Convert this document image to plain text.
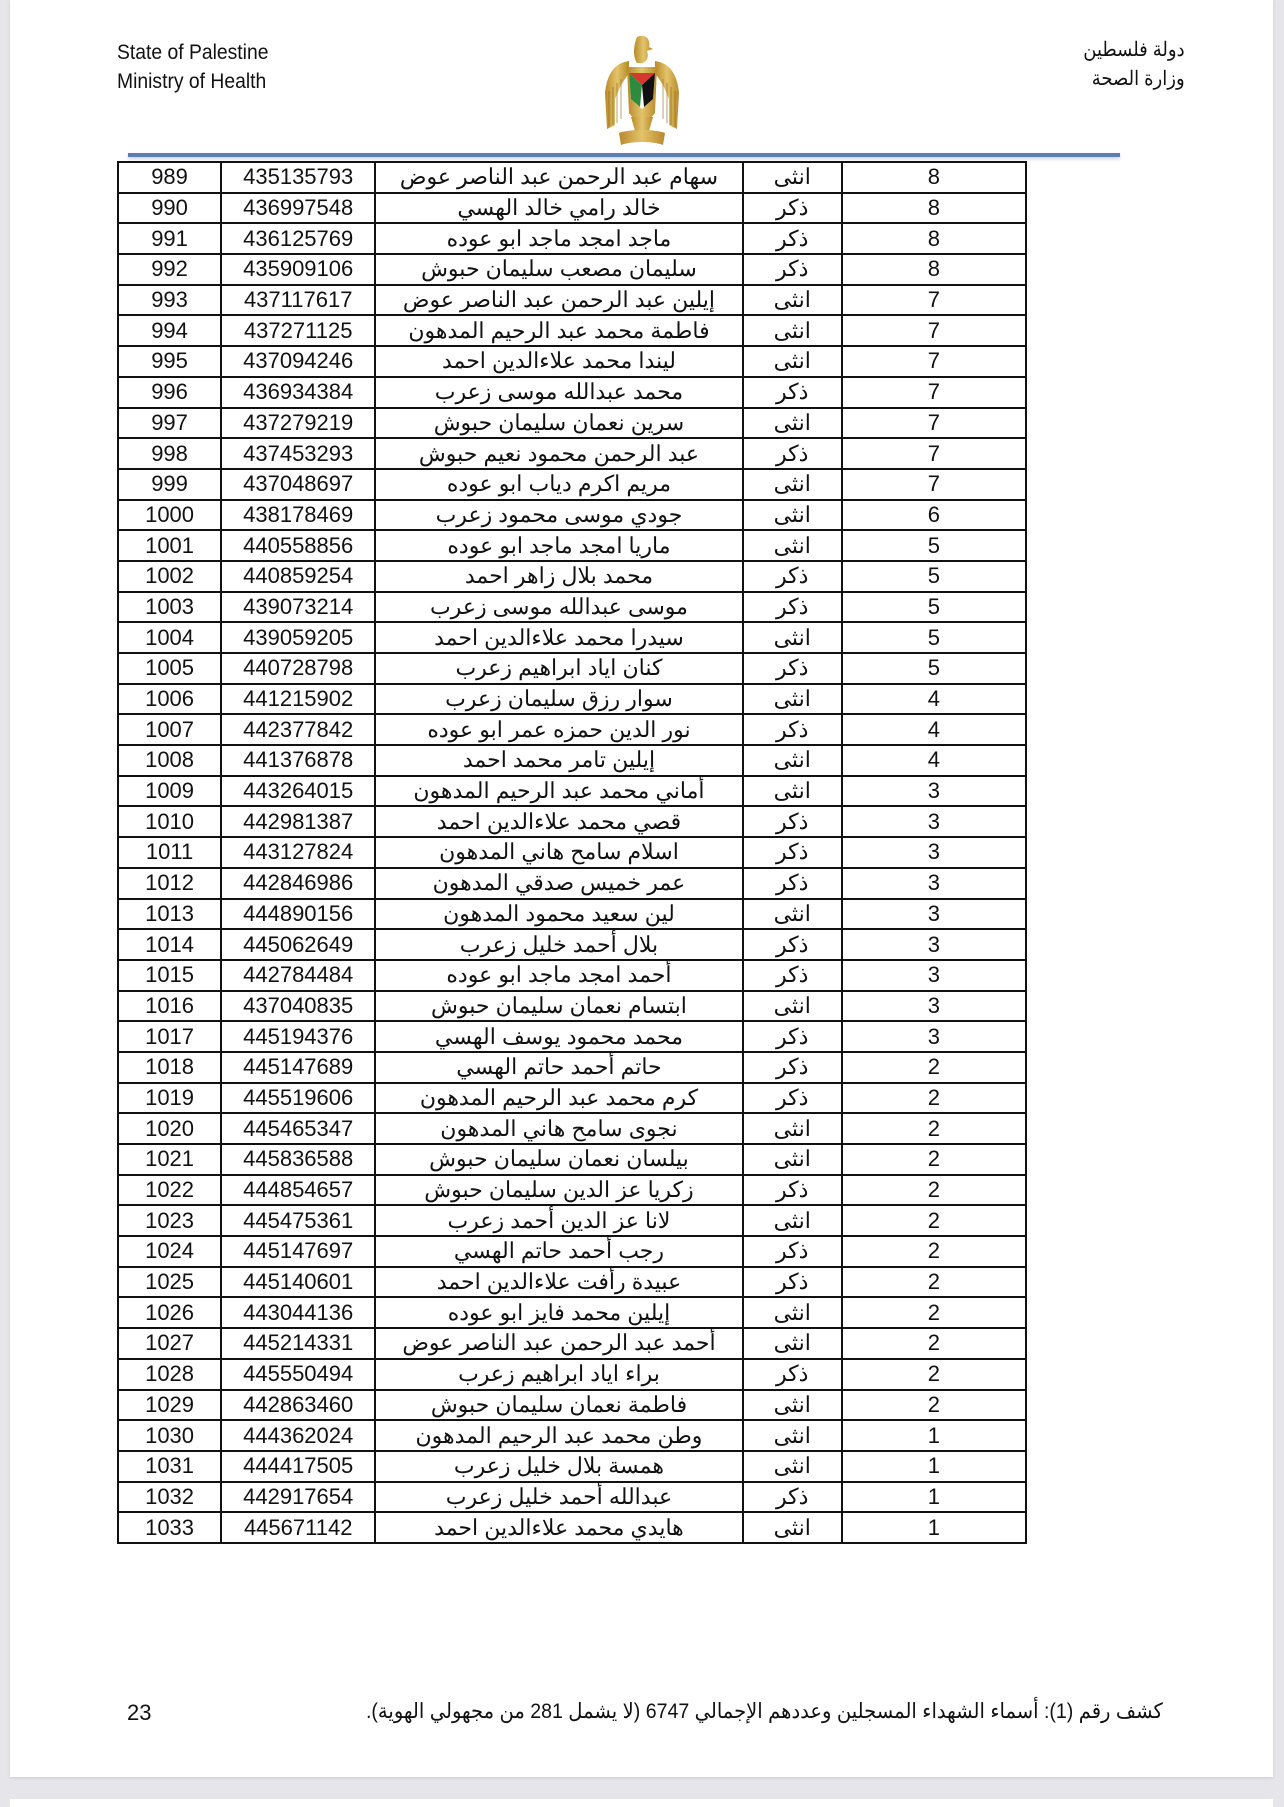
State of Palestine
Ministry of Health
دولة فلسطين
وزارة الصحة
989	435135793	سهام عبد الرحمن عبد الناصر عوض	انثى	8
990	436997548	خالد رامي خالد الهسي	ذكر	8
991	436125769	ماجد امجد ماجد ابو عوده	ذكر	8
992	435909106	سليمان مصعب سليمان حبوش	ذكر	8
993	437117617	إيلين عبد الرحمن عبد الناصر عوض	انثى	7
994	437271125	فاطمة محمد عبد الرحيم المدهون	انثى	7
995	437094246	ليندا محمد علاءالدين احمد	انثى	7
996	436934384	محمد عبدالله موسى زعرب	ذكر	7
997	437279219	سرين نعمان سليمان حبوش	انثى	7
998	437453293	عبد الرحمن محمود نعيم حبوش	ذكر	7
999	437048697	مريم اكرم دياب ابو عوده	انثى	7
1000	438178469	جودي موسى محمود زعرب	انثى	6
1001	440558856	ماريا امجد ماجد ابو عوده	انثى	5
1002	440859254	محمد بلال زاهر احمد	ذكر	5
1003	439073214	موسى عبدالله موسى زعرب	ذكر	5
1004	439059205	سيدرا محمد علاءالدين احمد	انثى	5
1005	440728798	كنان اياد ابراهيم زعرب	ذكر	5
1006	441215902	سوار رزق سليمان زعرب	انثى	4
1007	442377842	نور الدين حمزه عمر ابو عوده	ذكر	4
1008	441376878	إيلين تامر محمد احمد	انثى	4
1009	443264015	أماني محمد عبد الرحيم المدهون	انثى	3
1010	442981387	قصي محمد علاءالدين احمد	ذكر	3
1011	443127824	اسلام سامح هاني المدهون	ذكر	3
1012	442846986	عمر خميس صدقي المدهون	ذكر	3
1013	444890156	لين سعيد محمود المدهون	انثى	3
1014	445062649	بلال أحمد خليل زعرب	ذكر	3
1015	442784484	أحمد امجد ماجد ابو عوده	ذكر	3
1016	437040835	ابتسام نعمان سليمان حبوش	انثى	3
1017	445194376	محمد محمود يوسف الهسي	ذكر	3
1018	445147689	حاتم أحمد حاتم الهسي	ذكر	2
1019	445519606	كرم محمد عبد الرحيم المدهون	ذكر	2
1020	445465347	نجوى سامح هاني المدهون	انثى	2
1021	445836588	بيلسان نعمان سليمان حبوش	انثى	2
1022	444854657	زكريا عز الدين سليمان حبوش	ذكر	2
1023	445475361	لانا عز الدين أحمد زعرب	انثى	2
1024	445147697	رجب أحمد حاتم الهسي	ذكر	2
1025	445140601	عبيدة رأفت علاءالدين احمد	ذكر	2
1026	443044136	إيلين محمد فايز ابو عوده	انثى	2
1027	445214331	أحمد عبد الرحمن عبد الناصر عوض	انثى	2
1028	445550494	براء اياد ابراهيم زعرب	ذكر	2
1029	442863460	فاطمة نعمان سليمان حبوش	انثى	2
1030	444362024	وطن محمد عبد الرحيم المدهون	انثى	1
1031	444417505	همسة بلال خليل زعرب	انثى	1
1032	442917654	عبدالله أحمد خليل زعرب	ذكر	1
1033	445671142	هايدي محمد علاءالدين احمد	انثى	1
23	كشف رقم (1): أسماء الشهداء المسجلين وعددهم الإجمالي 6747 (لا يشمل 281 من مجهولي الهوية).
